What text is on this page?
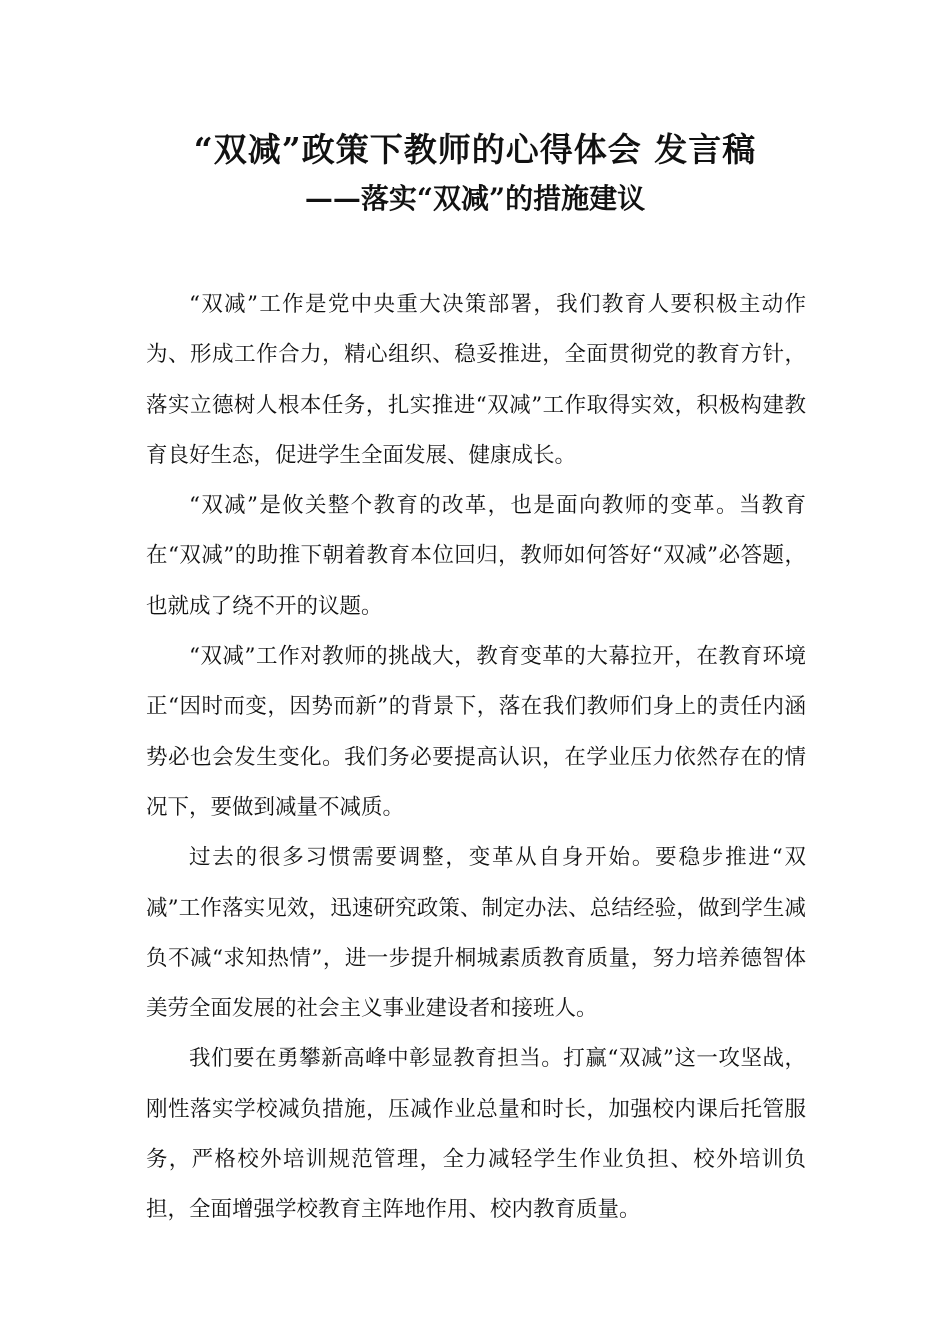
“双减”政策下教师的心得体会 发言稿
——落实“双减”的措施建议

“双减”工作是党中央重大决策部署，我们教育人要积极主动作为、形成工作合力，精心组织、稳妥推进，全面贯彻党的教育方针，落实立德树人根本任务，扎实推进“双减”工作取得实效，积极构建教育良好生态，促进学生全面发展、健康成长。

“双减”是攸关整个教育的改革，也是面向教师的变革。当教育在“双减”的助推下朝着教育本位回归，教师如何答好“双减”必答题，也就成了绕不开的议题。

“双减”工作对教师的挑战大，教育变革的大幕拉开，在教育环境正“因时而变，因势而新”的背景下，落在我们教师们身上的责任内涵势必也会发生变化。我们务必要提高认识，在学业压力依然存在的情况下，要做到减量不减质。

过去的很多习惯需要调整，变革从自身开始。要稳步推进“双减”工作落实见效，迅速研究政策、制定办法、总结经验，做到学生减负不减“求知热情”，进一步提升桐城素质教育质量，努力培养德智体美劳全面发展的社会主义事业建设者和接班人。

我们要在勇攀新高峰中彰显教育担当。打赢“双减”这一攻坚战，刚性落实学校减负措施，压减作业总量和时长，加强校内课后托管服务，严格校外培训规范管理，全力减轻学生作业负担、校外培训负担，全面增强学校教育主阵地作用、校内教育质量。
